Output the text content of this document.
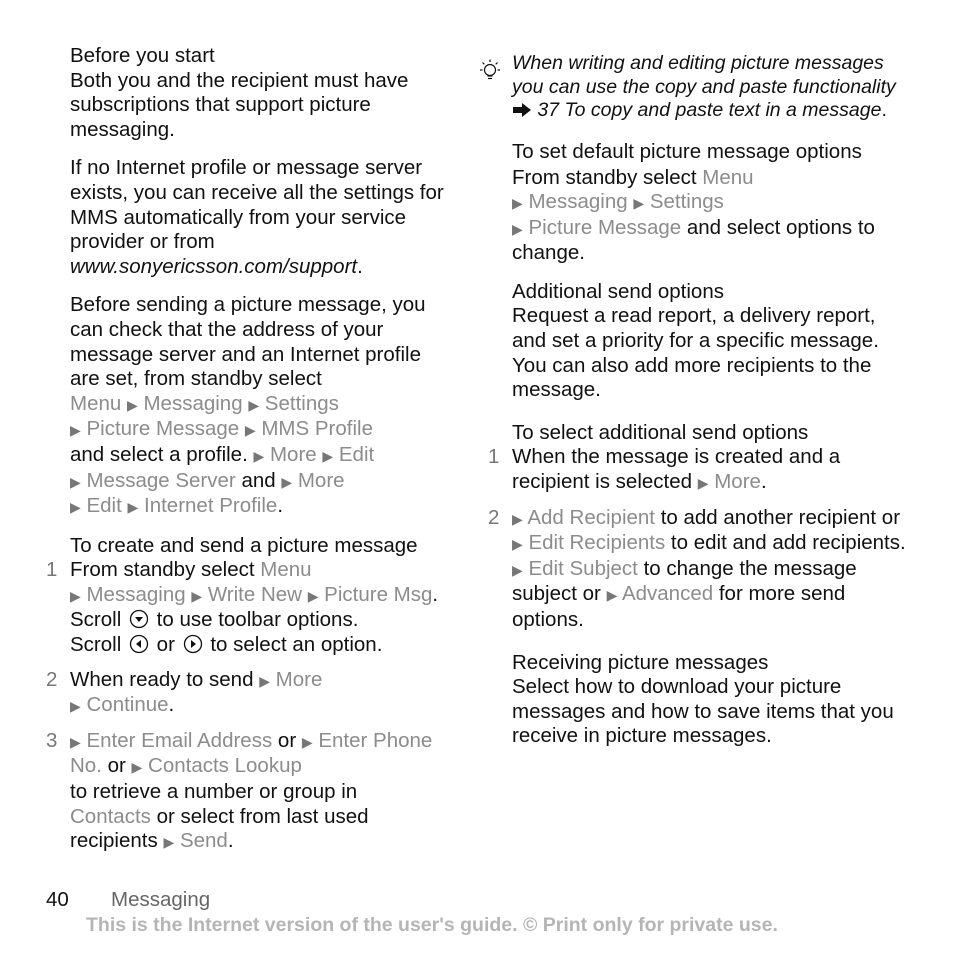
Before you start

Both you and the recipient must have subscriptions that support picture messaging.

If no Internet profile or message server exists, you can receive all the settings for MMS automatically from your service provider or from www.sonyericsson.com/support.

Before sending a picture message, you can check that the address of your message server and an Internet profile are set, from standby select
Menu ▶ Messaging ▶ Settings
▶ Picture Message ▶ MMS Profile
and select a profile. ▶ More ▶ Edit
▶ Message Server and ▶ More
▶ Edit ▶ Internet Profile.

To create and send a picture message
1 From standby select Menu
▶ Messaging ▶ Write New ▶ Picture Msg. Scroll to use toolbar options.
Scroll or to select an option.
2 When ready to send ▶ More
▶ Continue.
3 ▶ Enter Email Address or ▶ Enter Phone No. or ▶ Contacts Lookup
to retrieve a number or group in
Contacts or select from last used recipients ▶ Send.
When writing and editing picture messages you can use the copy and paste functionality  37 To copy and paste text in a message.
To set default picture message options

From standby select Menu
▶ Messaging ▶ Settings
▶ Picture Message and select options to change.

Additional send options

Request a read report, a delivery report, and set a priority for a specific message. You can also add more recipients to the message.

To select additional send options
1 When the message is created and a recipient is selected ▶ More.
2 ▶ Add Recipient to add another recipient or ▶ Edit Recipients to edit and add recipients. ▶ Edit Subject to change the message subject or ▶ Advanced for more send options.
Receiving picture messages

Select how to download your picture messages and how to save items that you receive in picture messages.

40 Messaging
This is the Internet version of the user's guide. © Print only for private use.
